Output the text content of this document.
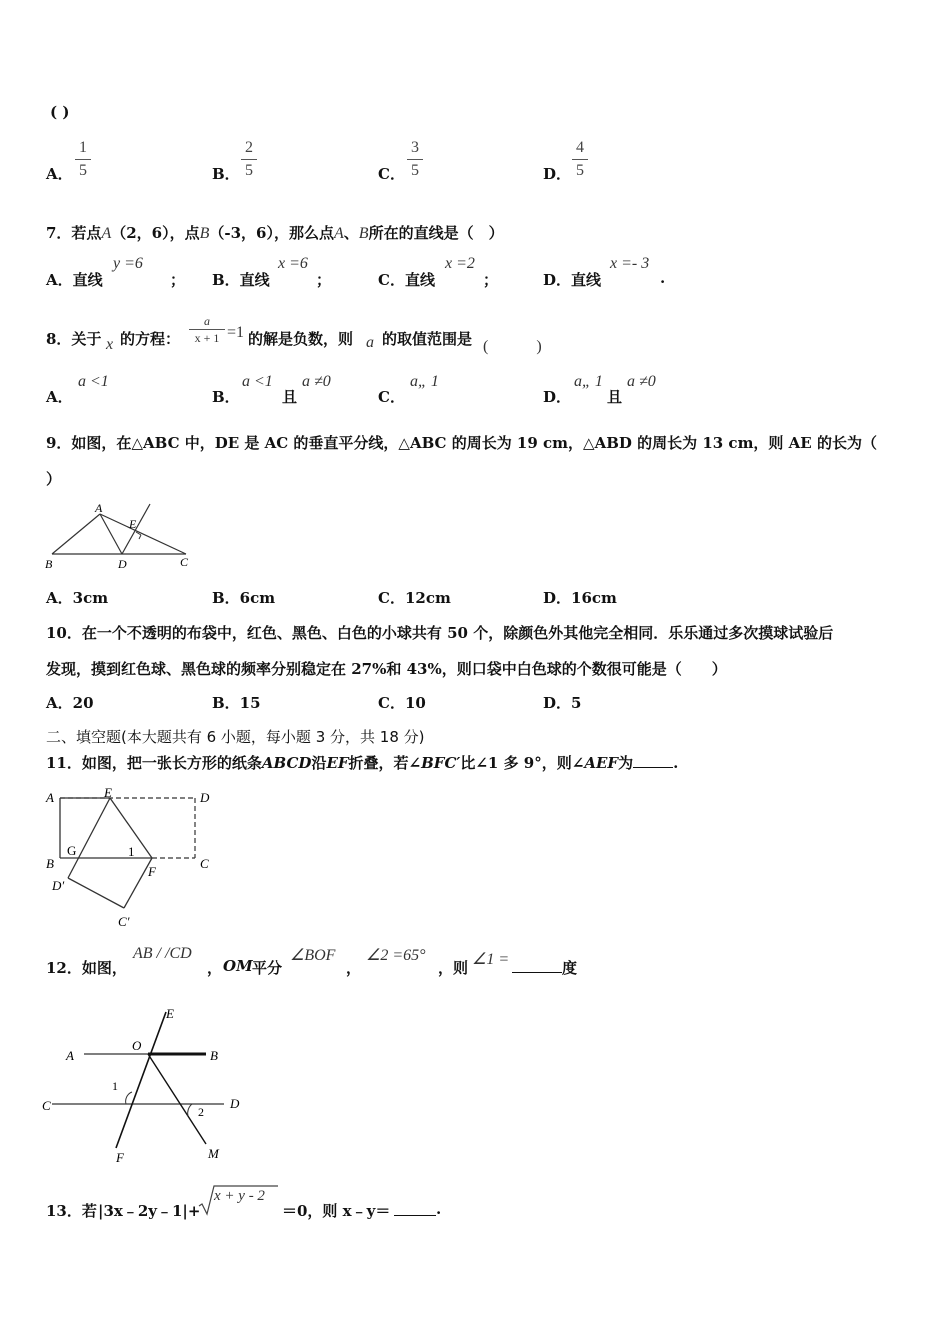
( )
A．
1
5	B．
2
5	C．
3
5	D．
4
5
7．若点A（2，6），点B（-3，6），那么点A、B所在的直线是（　）
A．直线
y =6
； B．直线
x =6
；	C．直线
x =2
；	D．直线
x =- 3
.
8．关于 x 的方程：
a
x + 1 =1 的解是负数，则 a 的取值范围是 (　　　)
A．
a <1
B．
a <1
且
a ≠0
C．
a„ 1
D．
a„ 1
且
a ≠0
9．如图，在△ABC 中，DE 是 AC 的垂直平分线，△ABC 的周长为 19 cm，△ABD 的周长为 13 cm，则 AE 的长为（
）
A
E
B	D	C
A．3cm	B．6cm	C．12cm	D．16cm
10．在一个不透明的布袋中，红色、黑色、白色的小球共有 50 个，除颜色外其他完全相同．乐乐通过多次摸球试验后
发现，摸到红色球、黑色球的频率分别稳定在 27%和 43%，则口袋中白色球的个数很可能是（　　）
A．20	B．15	C．10	D．5
二、填空题(本大题共有 6 小题，每小题 3 分，共 18 分)
11．如图，把一张长方形的纸条ABCD沿EF折叠，若∠BFC′比∠1 多 9°，则∠AEF为	.
A	E	D
B
G	1
C
D′
F
C′
12．如图，
AB / /CD
， OM 平分
∠BOF
，
∠2 =65°
，则 ∠1 =	度
E
A
O
B
1
C	D
2
F	M
13．若 |3x﹣2y﹣1|+
x + y - 2
＝0，则 x﹣y＝	.
